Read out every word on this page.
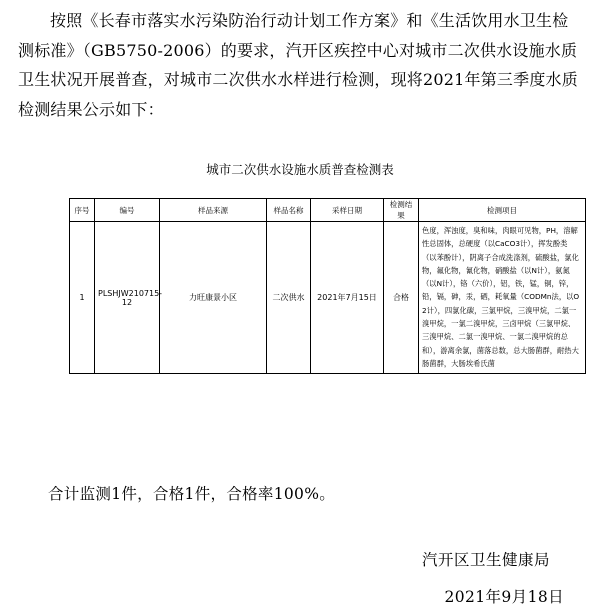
按照《长春市落实水污染防治行动计划工作方案》和《生活饮用水卫生检测标准》（GB5750-2006）的要求，汽开区疾控中心对城市二次供水设施水质卫生状况开展普查，对城市二次供水水样进行检测，现将2021年第三季度水质检测结果公示如下：

城市二次供水设施水质普查检测表
序号	编号	样品来源	样品名称	采样日期	检测结果	检测项目
1	PLSHJW210715-12	力旺康景小区	二次供水	2021年7月15日	合格	色度，浑浊度，臭和味，肉眼可见物，PH，溶解性总固体，总硬度（以CaCO3计），挥发酚类（以苯酚计），阴离子合成洗涤剂，硫酸盐，氯化物，氟化物，氰化物，硝酸盐（以N计），氨氮（以N计），铬（六价），铝，铁，锰，铜，锌，铅，镉，砷，汞，硒，耗氧量（CODMn法，以O2计），四氯化碳，三氯甲烷，三溴甲烷，二氯一溴甲烷，一氯二溴甲烷，三卤甲烷（三氯甲烷、三溴甲烷、二氯一溴甲烷、一氯二溴甲烷的总和），游离余氯，菌落总数，总大肠菌群，耐热大肠菌群，大肠埃希氏菌

合计监测1件，合格1件，合格率100%。

汽开区卫生健康局

2021年9月18日
